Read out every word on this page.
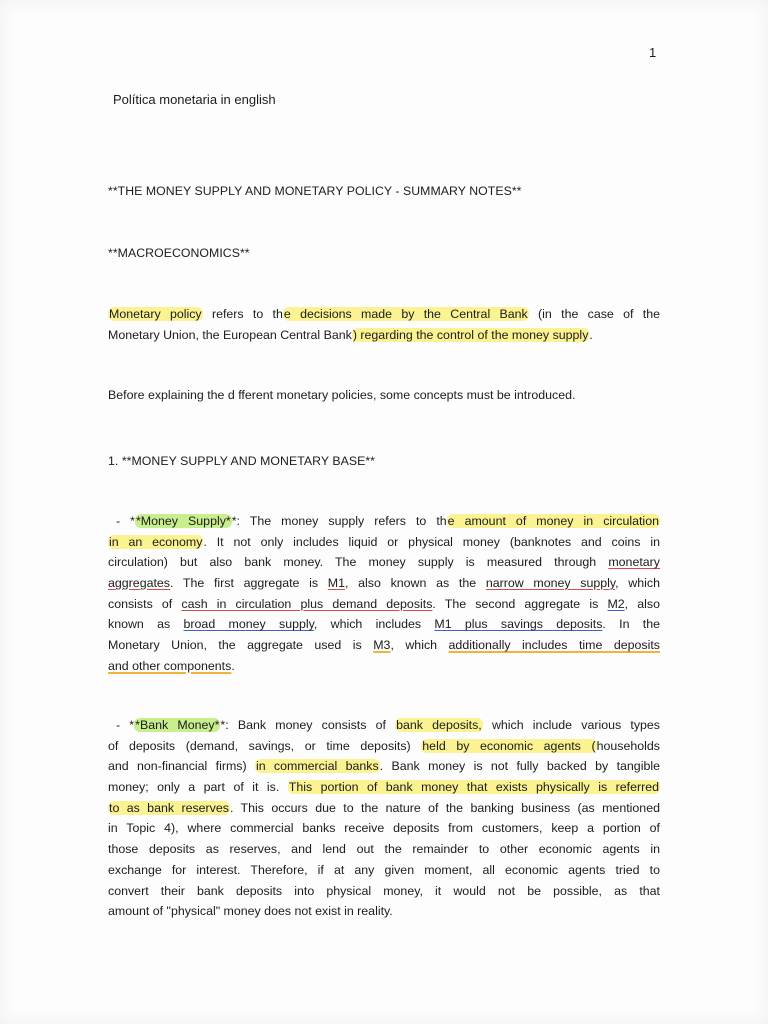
1
Política monetaria in english
**THE MONEY SUPPLY AND MONETARY POLICY - SUMMARY NOTES**
**MACROECONOMICS**
Monetary policy refers to the decisions made by the Central Bank (in the case of the
Monetary Union, the European Central Bank) regarding the control of the money supply.
Before explaining the d fferent monetary policies, some concepts must be introduced.
1. **MONEY SUPPLY AND MONETARY BASE**
- **Money Supply**: The money supply refers to the amount of money in circulation
in an economy. It not only includes liquid or physical money (banknotes and coins in
circulation) but also bank money. The money supply is measured through monetary
aggregates. The first aggregate is M1, also known as the narrow money supply, which
consists of cash in circulation plus demand deposits. The second aggregate is M2, also
known as broad money supply, which includes M1 plus savings deposits. In the
Monetary Union, the aggregate used is M3, which additionally includes time deposits
and other components.
- **Bank Money**: Bank money consists of bank deposits, which include various types
of deposits (demand, savings, or time deposits) held by economic agents (households
and non-financial firms) in commercial banks. Bank money is not fully backed by tangible
money; only a part of it is. This portion of bank money that exists physically is referred
to as bank reserves. This occurs due to the nature of the banking business (as mentioned
in Topic 4), where commercial banks receive deposits from customers, keep a portion of
those deposits as reserves, and lend out the remainder to other economic agents in
exchange for interest. Therefore, if at any given moment, all economic agents tried to
convert their bank deposits into physical money, it would not be possible, as that
amount of "physical" money does not exist in reality.
